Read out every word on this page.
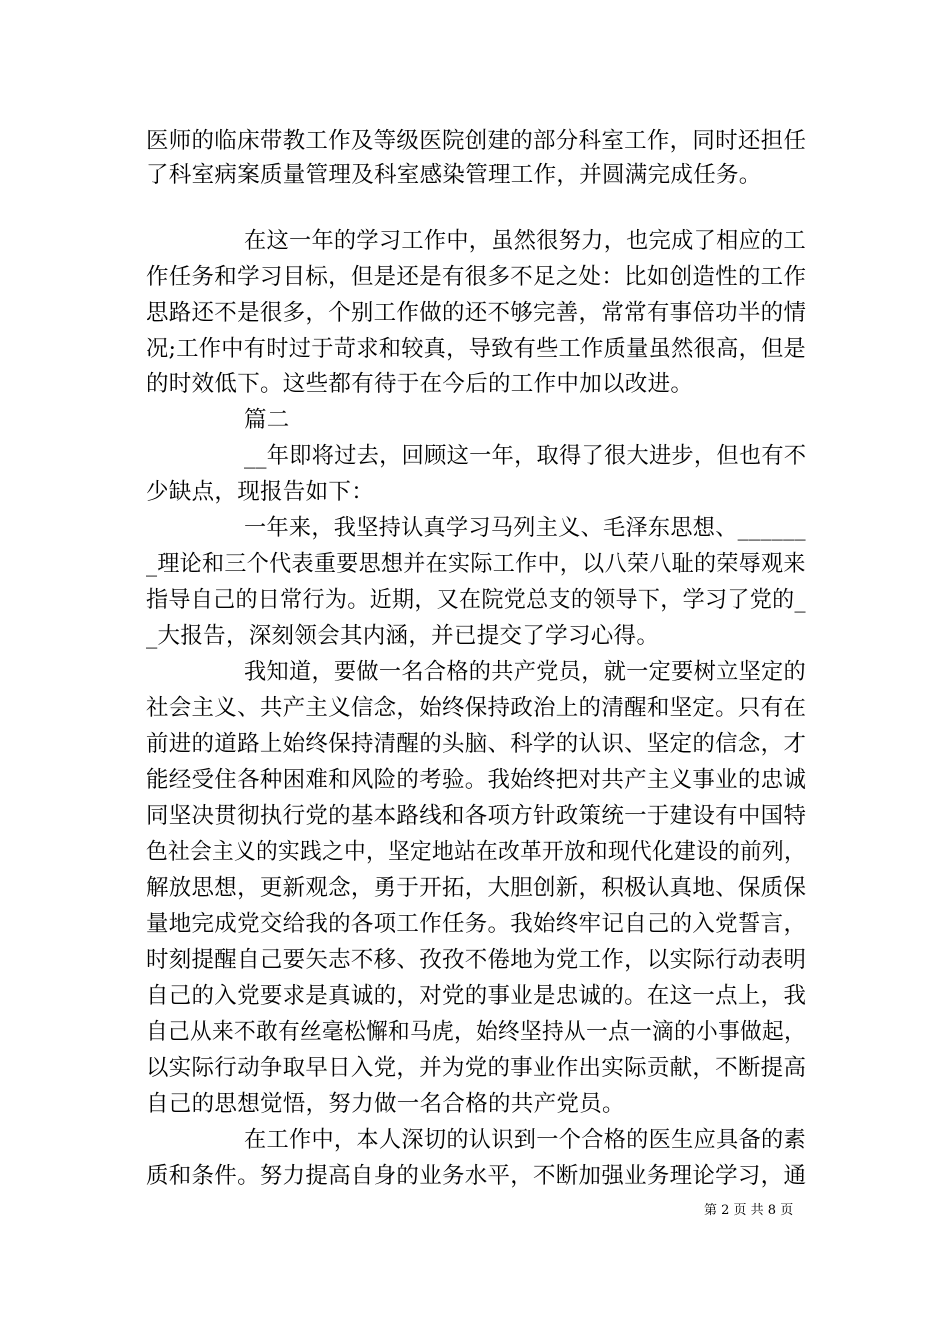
医师的临床带教工作及等级医院创建的部分科室工作，同时还担任
了科室病案质量管理及科室感染管理工作，并圆满完成任务。
在这一年的学习工作中，虽然很努力，也完成了相应的工
作任务和学习目标，但是还是有很多不足之处：比如创造性的工作
思路还不是很多，个别工作做的还不够完善，常常有事倍功半的情
况;工作中有时过于苛求和较真，导致有些工作质量虽然很高，但是
的时效低下。这些都有待于在今后的工作中加以改进。
篇二
__年即将过去，回顾这一年，取得了很大进步，但也有不
少缺点，现报告如下：
一年来，我坚持认真学习马列主义、毛泽东思想、______
_理论和三个代表重要思想并在实际工作中，以八荣八耻的荣辱观来
指导自己的日常行为。近期，又在院党总支的领导下，学习了党的_
_大报告，深刻领会其内涵，并已提交了学习心得。
我知道，要做一名合格的共产党员，就一定要树立坚定的
社会主义、共产主义信念，始终保持政治上的清醒和坚定。只有在
前进的道路上始终保持清醒的头脑、科学的认识、坚定的信念，才
能经受住各种困难和风险的考验。我始终把对共产主义事业的忠诚
同坚决贯彻执行党的基本路线和各项方针政策统一于建设有中国特
色社会主义的实践之中，坚定地站在改革开放和现代化建设的前列，
解放思想，更新观念，勇于开拓，大胆创新，积极认真地、保质保
量地完成党交给我的各项工作任务。我始终牢记自己的入党誓言，
时刻提醒自己要矢志不移、孜孜不倦地为党工作，以实际行动表明
自己的入党要求是真诚的，对党的事业是忠诚的。在这一点上，我
自己从来不敢有丝毫松懈和马虎，始终坚持从一点一滴的小事做起，
以实际行动争取早日入党，并为党的事业作出实际贡献，不断提高
自己的思想觉悟，努力做一名合格的共产党员。
在工作中，本人深切的认识到一个合格的医生应具备的素
质和条件。努力提高自身的业务水平，不断加强业务理论学习，通
第 2 页 共 8 页
